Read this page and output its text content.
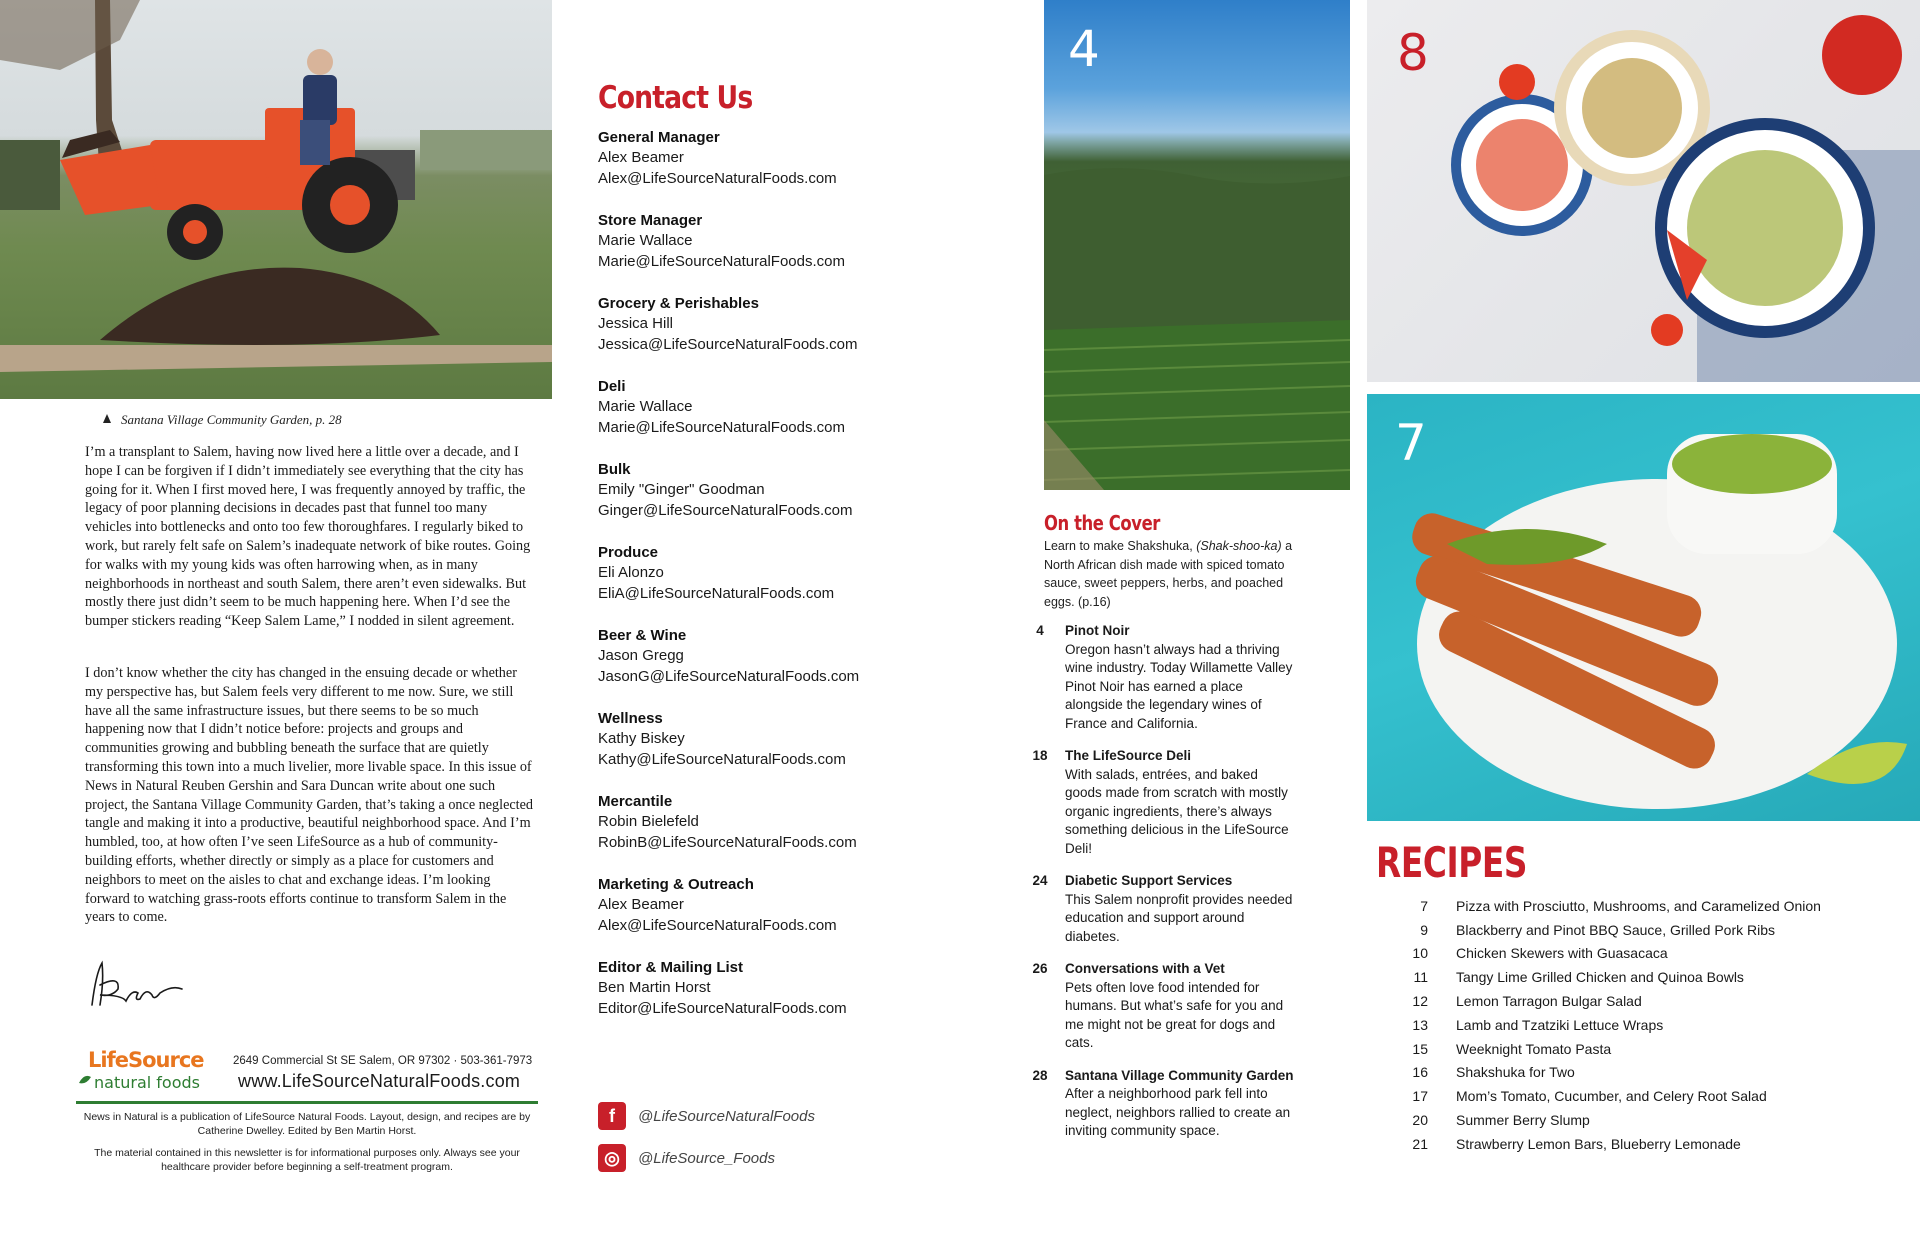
Santana Village Community Garden, p. 28

I’m a transplant to Salem, having now lived here a little over a decade, and I hope I can be forgiven if I didn’t immediately see everything that the city has going for it. When I first moved here, I was frequently annoyed by traffic, the legacy of poor planning decisions in decades past that funnel too many vehicles into bottlenecks and onto too few thoroughfares. I regularly biked to work, but rarely felt safe on Salem’s inadequate network of bike routes. Going for walks with my young kids was often harrowing when, as in many neighborhoods in northeast and south Salem, there aren’t even sidewalks. But mostly there just didn’t seem to be much happening here. When I’d see the bumper stickers reading “Keep Salem Lame,” I nodded in silent agreement.

I don’t know whether the city has changed in the ensuing decade or whether my perspective has, but Salem feels very different to me now. Sure, we still have all the same infrastructure issues, but there seems to be so much happening now that I didn’t notice before: projects and groups and communities growing and bubbling beneath the surface that are quietly transforming this town into a much livelier, more livable space. In this issue of News in Natural Reuben Gershin and Sara Duncan write about one such project, the Santana Village Community Garden, that’s taking a once neglected tangle and making it into a productive, beautiful neighborhood space. And I’m humbled, too, at how often I’ve seen LifeSource as a hub of community-building efforts, whether directly or simply as a place for customers and neighbors to meet on the aisles to chat and exchange ideas. I’m looking forward to watching grass-roots efforts continue to transform Salem in the years to come.

LifeSource
natural foods
2649 Commercial St SE Salem, OR 97302 · 503-361-7973
www.LifeSourceNaturalFoods.com
News in Natural is a publication of LifeSource Natural Foods. Layout, design, and recipes are by Catherine Dwelley. Edited by Ben Martin Horst.
The material contained in this newsletter is for informational purposes only. Always see your healthcare provider before beginning a self-treatment program.
Contact Us
General Manager
Alex Beamer
Alex@LifeSourceNaturalFoods.com
Store Manager
Marie Wallace
Marie@LifeSourceNaturalFoods.com
Grocery & Perishables
Jessica Hill
Jessica@LifeSourceNaturalFoods.com
Deli
Marie Wallace
Marie@LifeSourceNaturalFoods.com
Bulk
Emily "Ginger" Goodman
Ginger@LifeSourceNaturalFoods.com
Produce
Eli Alonzo
EliA@LifeSourceNaturalFoods.com
Beer & Wine
Jason Gregg
JasonG@LifeSourceNaturalFoods.com
Wellness
Kathy Biskey
Kathy@LifeSourceNaturalFoods.com
Mercantile
Robin Bielefeld
RobinB@LifeSourceNaturalFoods.com
Marketing & Outreach
Alex Beamer
Alex@LifeSourceNaturalFoods.com
Editor & Mailing List
Ben Martin Horst
Editor@LifeSourceNaturalFoods.com
f	@LifeSourceNaturalFoods
◎	@LifeSource_Foods
4
On the Cover
Learn to make Shakshuka, (Shak-shoo-ka) a North African dish made with spiced tomato sauce, sweet peppers, herbs, and poached eggs. (p.16)
4	Pinot Noir
Oregon hasn’t always had a thriving wine industry. Today Willamette Valley Pinot Noir has earned a place alongside the legendary wines of France and California.
18	The LifeSource Deli
With salads, entrées, and baked goods made from scratch with mostly organic ingredients, there’s always something delicious in the LifeSource Deli!
24	Diabetic Support Services
This Salem nonprofit provides needed education and support around diabetes.
26	Conversations with a Vet
Pets often love food intended for humans. But what’s safe for you and me might not be great for dogs and cats.
28	Santana Village Community Garden
After a neighborhood park fell into neglect, neighbors rallied to create an inviting community space.
8
7
RECIPES
7	Pizza with Prosciutto, Mushrooms, and Caramelized Onion
9	Blackberry and Pinot BBQ Sauce, Grilled Pork Ribs
10	Chicken Skewers with Guasacaca
11	Tangy Lime Grilled Chicken and Quinoa Bowls
12	Lemon Tarragon Bulgar Salad
13	Lamb and Tzatziki Lettuce Wraps
15	Weeknight Tomato Pasta
16	Shakshuka for Two
17	Mom’s Tomato, Cucumber, and Celery Root Salad
20	Summer Berry Slump
21	Strawberry Lemon Bars, Blueberry Lemonade
